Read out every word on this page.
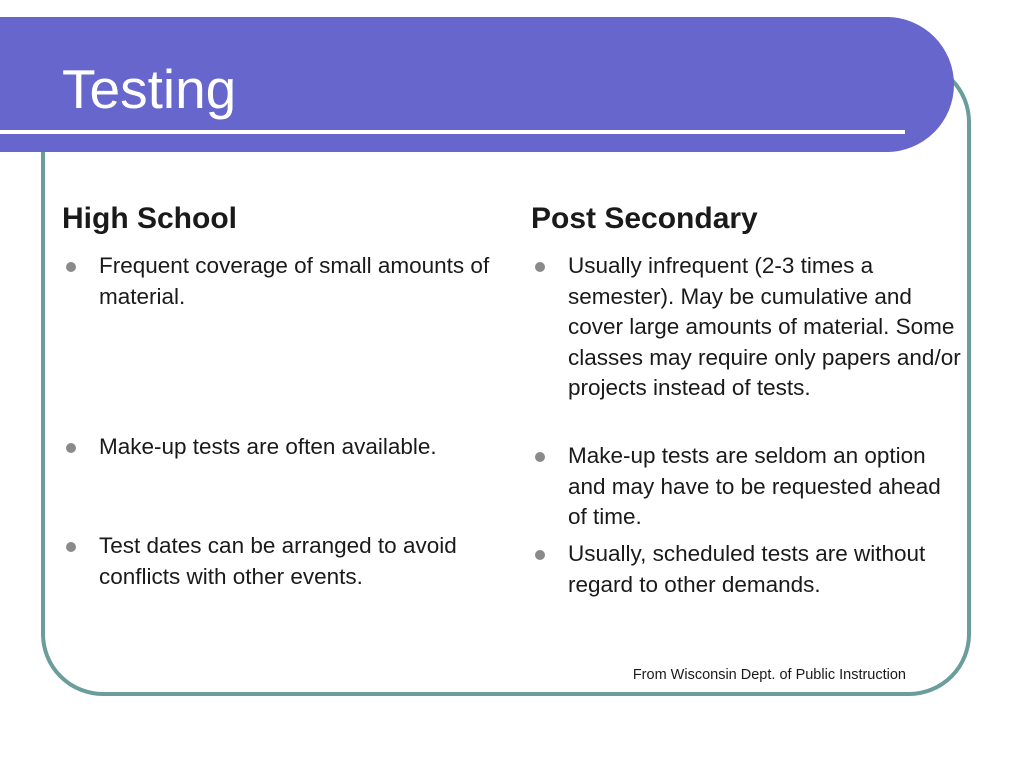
Testing
High School
Frequent coverage of small amounts of material.
Make-up tests are often available.
Test dates can be arranged to avoid conflicts with other events.
Post Secondary
Usually infrequent (2-3 times a semester). May be cumulative and cover large amounts of material. Some classes may require only papers and/or projects instead of tests.
Make-up tests are seldom an option and may have to be requested ahead of time.
Usually, scheduled tests are without regard to other demands.

From Wisconsin Dept. of Public Instruction
